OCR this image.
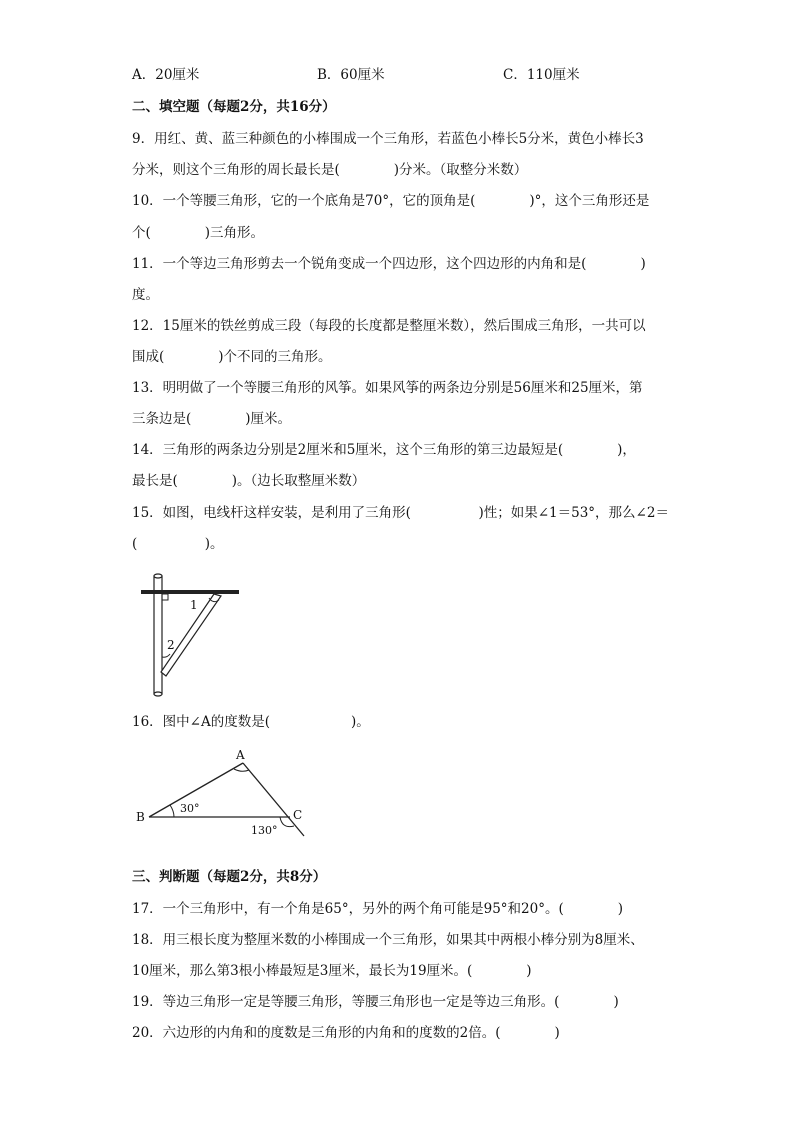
A．20厘米	B．60厘米	C．110厘米
二、填空题（每题2分，共16分）
9．用红、黄、蓝三种颜色的小棒围成一个三角形，若蓝色小棒长5分米，黄色小棒长3
分米，则这个三角形的周长最长是(　　　　)分米。（取整分米数）
10．一个等腰三角形，它的一个底角是70°，它的顶角是(　　　　)°，这个三角形还是
个(　　　　)三角形。
11．一个等边三角形剪去一个锐角变成一个四边形，这个四边形的内角和是(　　　　)
度。
12．15厘米的铁丝剪成三段（每段的长度都是整厘米数），然后围成三角形，一共可以
围成(　　　　)个不同的三角形。
13．明明做了一个等腰三角形的风筝。如果风筝的两条边分别是56厘米和25厘米，第
三条边是(　　　　)厘米。
14．三角形的两条边分别是2厘米和5厘米，这个三角形的第三边最短是(　　　　)，
最长是(　　　　)。（边长取整厘米数）
15．如图，电线杆这样安装，是利用了三角形(　　　　　)性；如果∠1＝53°，那么∠2＝
(　　　　　)。
1
2
16．图中∠A的度数是(　　　　　　)。
A
B	C
30°
130°
三、判断题（每题2分，共8分）
17．一个三角形中，有一个角是65°，另外的两个角可能是95°和20°。(　　　　)
18．用三根长度为整厘米数的小棒围成一个三角形，如果其中两根小棒分别为8厘米、
10厘米，那么第3根小棒最短是3厘米，最长为19厘米。(　　　　)
19．等边三角形一定是等腰三角形，等腰三角形也一定是等边三角形。(　　　　)
20．六边形的内角和的度数是三角形的内角和的度数的2倍。(　　　　)
